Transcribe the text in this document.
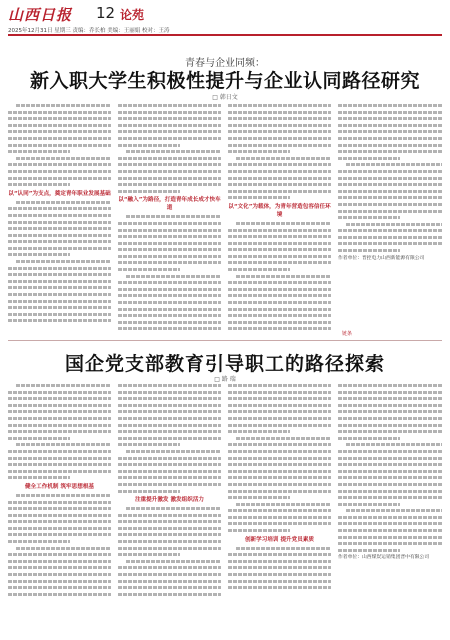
山西日报 12 论苑
2025年12月31日 星期三 责编：乔长柏 美编：王丽娟 校对：王涛
青春与企业同频：
新入职大学生积极性提升与企业认同路径研究
□ 韩日文
以“认同”为支点，奠定青年职业发展基础
以“融入”为路径，打造青年成长成才快车道	以“文化”为载体，为青年营造包容信任环境
作者单位：晋控电力山西新能源有限公司
国企党支部教育引导职工的路径探索
□ 路 瑞
健全工作机制 筑牢思想根基
注重提升激发 激发组织活力
创新学习培训 提升党员素质
作者单位：山西煤炭运销集团晋中有限公司
链条
